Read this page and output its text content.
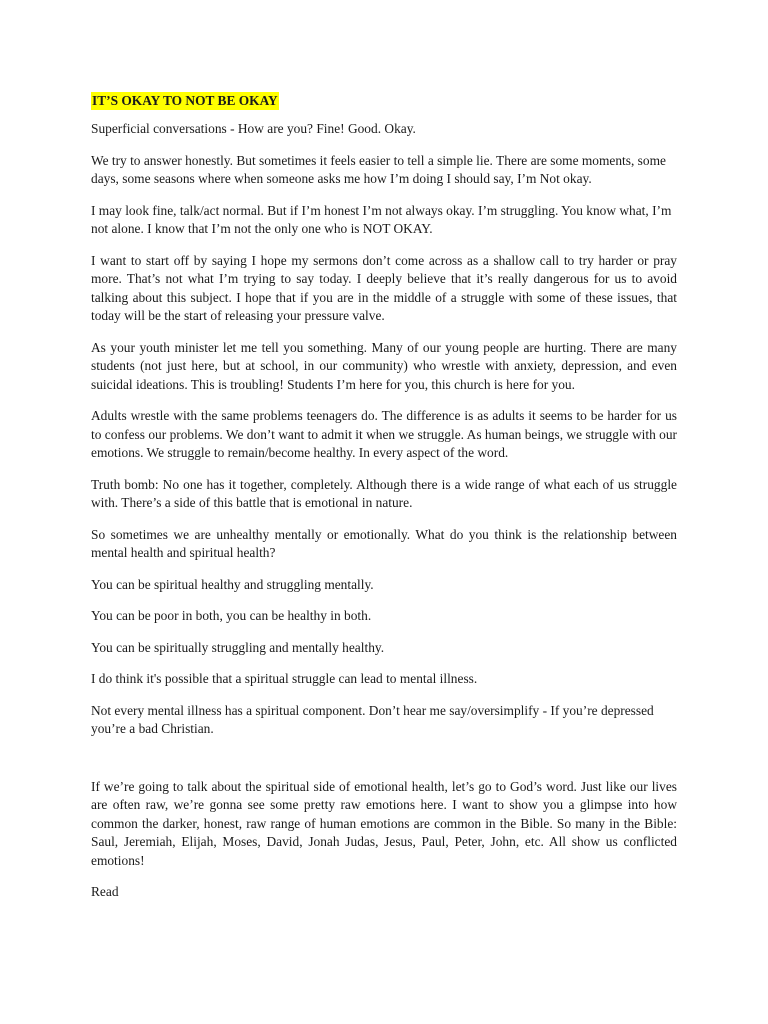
IT’S OKAY TO NOT BE OKAY

Superficial conversations - How are you? Fine! Good. Okay.

We try to answer honestly. But sometimes it feels easier to tell a simple lie. There are some moments, some days, some seasons where when someone asks me how I’m doing I should say, I’m Not okay.

I may look fine, talk/act normal. But if I’m honest I’m not always okay. I’m struggling. You know what, I’m not alone. I know that I’m not the only one who is NOT OKAY.

I want to start off by saying I hope my sermons don’t come across as a shallow call to try harder or pray more. That’s not what I’m trying to say today. I deeply believe that it’s really dangerous for us to avoid talking about this subject. I hope that if you are in the middle of a struggle with some of these issues, that today will be the start of releasing your pressure valve.

As your youth minister let me tell you something. Many of our young people are hurting. There are many students (not just here, but at school, in our community) who wrestle with anxiety, depression, and even suicidal ideations. This is troubling! Students I’m here for you, this church is here for you.

Adults wrestle with the same problems teenagers do. The difference is as adults it seems to be harder for us to confess our problems. We don’t want to admit it when we struggle. As human beings, we struggle with our emotions. We struggle to remain/become healthy. In every aspect of the word.

Truth bomb: No one has it together, completely. Although there is a wide range of what each of us struggle with. There’s a side of this battle that is emotional in nature.

So sometimes we are unhealthy mentally or emotionally. What do you think is the relationship between mental health and spiritual health?

You can be spiritual healthy and struggling mentally.

You can be poor in both, you can be healthy in both.

You can be spiritually struggling and mentally healthy.

I do think it's possible that a spiritual struggle can lead to mental illness.

Not every mental illness has a spiritual component. Don’t hear me say/oversimplify - If you’re depressed you’re a bad Christian.

If we’re going to talk about the spiritual side of emotional health, let’s go to God’s word. Just like our lives are often raw, we’re gonna see some pretty raw emotions here. I want to show you a glimpse into how common the darker, honest, raw range of human emotions are common in the Bible. So many in the Bible: Saul, Jeremiah, Elijah, Moses, David, Jonah Judas, Jesus, Paul, Peter, John, etc. All show us conflicted emotions!

Read
